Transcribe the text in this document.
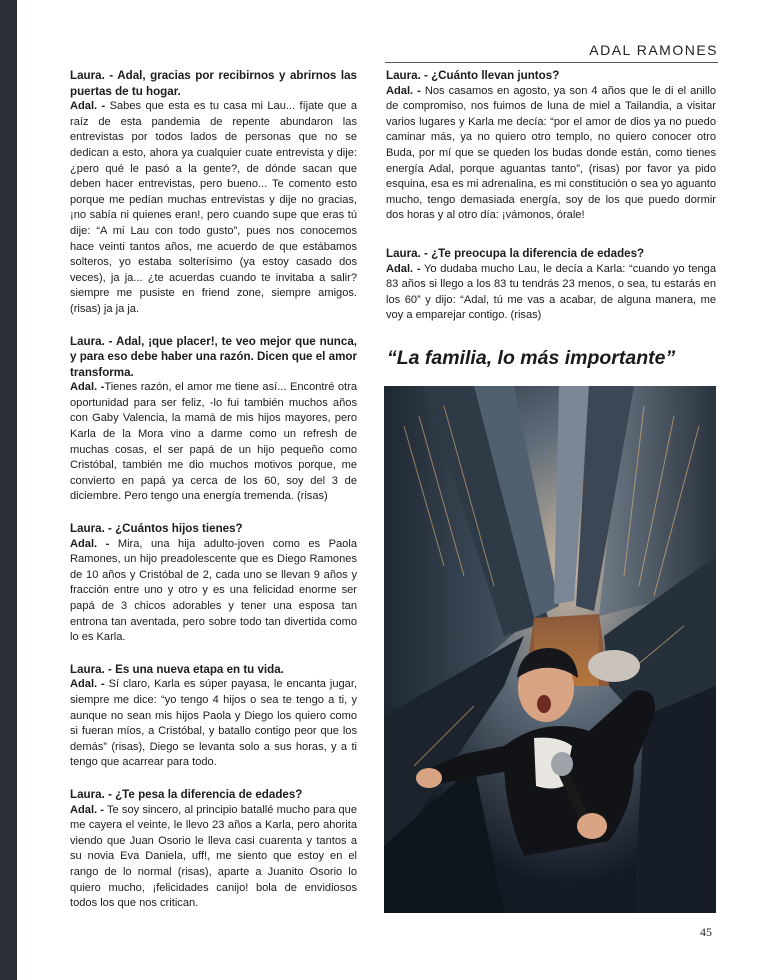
ADAL RAMONES

Laura. - Adal, gracias por recibirnos y abrirnos las puertas de tu hogar.

Adal. - Sabes que esta es tu casa mi Lau... fíjate que a raíz de esta pandemia de repente abundaron las entrevistas por todos lados de personas que no se dedican a esto, ahora ya cualquier cuate entrevista y dije: ¿pero qué le pasó a la gente?, de dónde sacan que deben hacer entrevistas, pero bueno... Te comento esto porque me pedían muchas entrevistas y dije no gracias, ¡no sabía ni quienes eran!, pero cuando supe que eras tú dije: “A mi Lau con todo gusto”, pues nos conocemos hace veinti tantos años, me acuerdo de que estábamos solteros, yo estaba solterísimo (ya estoy casado dos veces), ja ja... ¿te acuerdas cuando te invitaba a salir? siempre me pusiste en friend zone, siempre amigos. (risas) ja ja ja.

Laura. - Adal, ¡que placer!, te veo mejor que nunca, y para eso debe haber una razón. Dicen que el amor transforma.

Adal. -Tienes razón, el amor me tiene así... Encontré otra oportunidad para ser feliz, -lo fui también muchos años con Gaby Valencia, la mamá de mis hijos mayores, pero Karla de la Mora vino a darme como un refresh de muchas cosas, el ser papá de un hijo pequeño como Cristóbal, también me dio muchos motivos porque, me convierto en papá ya cerca de los 60, soy del 3 de diciembre. Pero tengo una energía tremenda. (risas)

Laura. - ¿Cuántos hijos tienes?

Adal. - Mira, una hija adulto-joven como es Paola Ramones, un hijo preadolescente que es Diego Ramones de 10 años y Cristóbal de 2, cada uno se llevan 9 años y fracción entre uno y otro y es una felicidad enorme ser papá de 3 chicos adorables y tener una esposa tan entrona tan aventada, pero sobre todo tan divertida como lo es Karla.

Laura. - Es una nueva etapa en tu vida.

Adal. - Sí claro, Karla es súper payasa, le encanta jugar, siempre me dice: “yo tengo 4 hijos o sea te tengo a ti, y aunque no sean mis hijos Paola y Diego los quiero como si fueran míos, a Cristóbal, y batallo contigo peor que los demás” (risas), Diego se levanta solo a sus horas, y a ti tengo que acarrear para todo.

Laura. - ¿Te pesa la diferencia de edades?

Adal. - Te soy sincero, al principio batallé mucho para que me cayera el veinte, le llevo 23 años a Karla, pero ahorita viendo que Juan Osorio le lleva casi cuarenta y tantos a su novia Eva Daniela, uff!, me siento que estoy en el rango de lo normal (risas), aparte a Juanito Osorio lo quiero mucho, ¡felicidades canijo! bola de envidiosos todos los que nos critican.

Laura. - ¿Cuánto llevan juntos?

Adal. - Nos casamos en agosto, ya son 4 años que le di el anillo de compromiso, nos fuimos de luna de miel a Tailandia, a visitar varios lugares y Karla me decía: “por el amor de dios ya no puedo caminar más, ya no quiero otro templo, no quiero conocer otro Buda, por mí que se queden los budas donde están, como tienes energía Adal, porque aguantas tanto”, (risas) por favor ya pido esquina, esa es mi adrenalina, es mi constitución o sea yo aguanto mucho, tengo demasiada energía, soy de los que puedo dormir dos horas y al otro día: ¡vámonos, órale!

Laura. - ¿Te preocupa la diferencia de edades?

Adal. - Yo dudaba mucho Lau, le decía a Karla: “cuando yo tenga 83 años si llego a los 83 tu tendrás 23 menos, o sea, tu estarás en los 60” y dijo: “Adal, tú me vas a acabar, de alguna manera, me voy a emparejar contigo. (risas)

“La familia, lo más importante”
45
